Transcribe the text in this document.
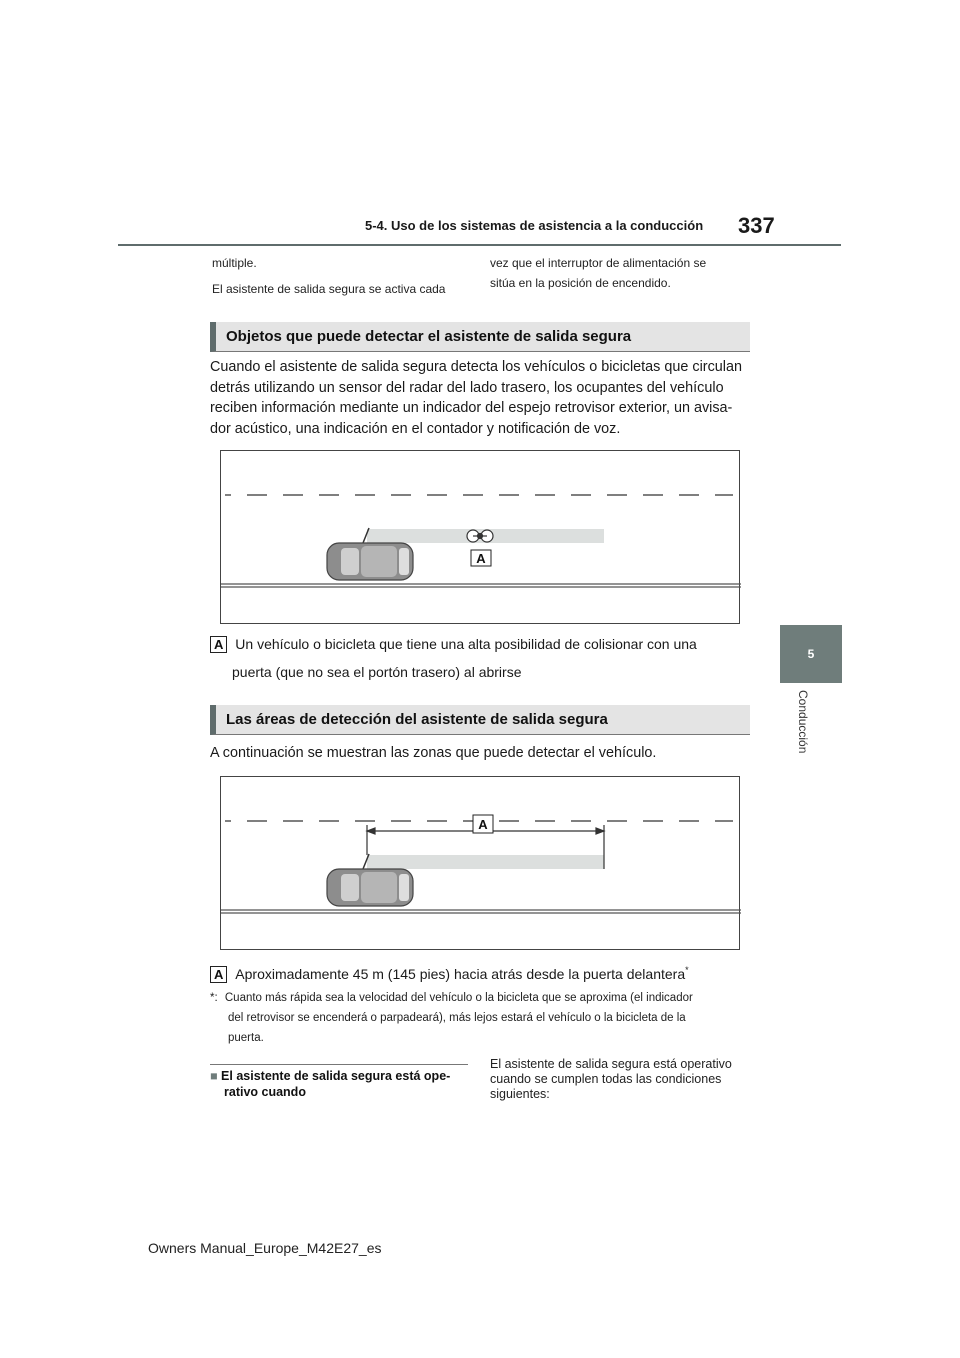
5-4. Uso de los sistemas de asistencia a la conducción 337
5
Conducción
múltiple.
El asistente de salida segura se activa cada
vez que el interruptor de alimentación se
sitúa en la posición de encendido.
Objetos que puede detectar el asistente de salida segura
Cuando el asistente de salida segura detecta los vehículos o bicicletas que circulan
detrás utilizando un sensor del radar del lado trasero, los ocupantes del vehículo
reciben información mediante un indicador del espejo retrovisor exterior, un avisa-
dor acústico, una indicación en el contador y notificación de voz.
A
A Un vehículo o bicicleta que tiene una alta posibilidad de colisionar con una
puerta (que no sea el portón trasero) al abrirse
Las áreas de detección del asistente de salida segura
A continuación se muestran las zonas que puede detectar el vehículo.
A
A Aproximadamente 45 m (145 pies) hacia atrás desde la puerta delantera*
*: Cuanto más rápida sea la velocidad del vehículo o la bicicleta que se aproxima (el indicador
del retrovisor se encenderá o parpadeará), más lejos estará el vehículo o la bicicleta de la
puerta.
■ El asistente de salida segura está ope-
rativo cuando
El asistente de salida segura está operativo
cuando se cumplen todas las condiciones
siguientes:
Owners Manual_Europe_M42E27_es
